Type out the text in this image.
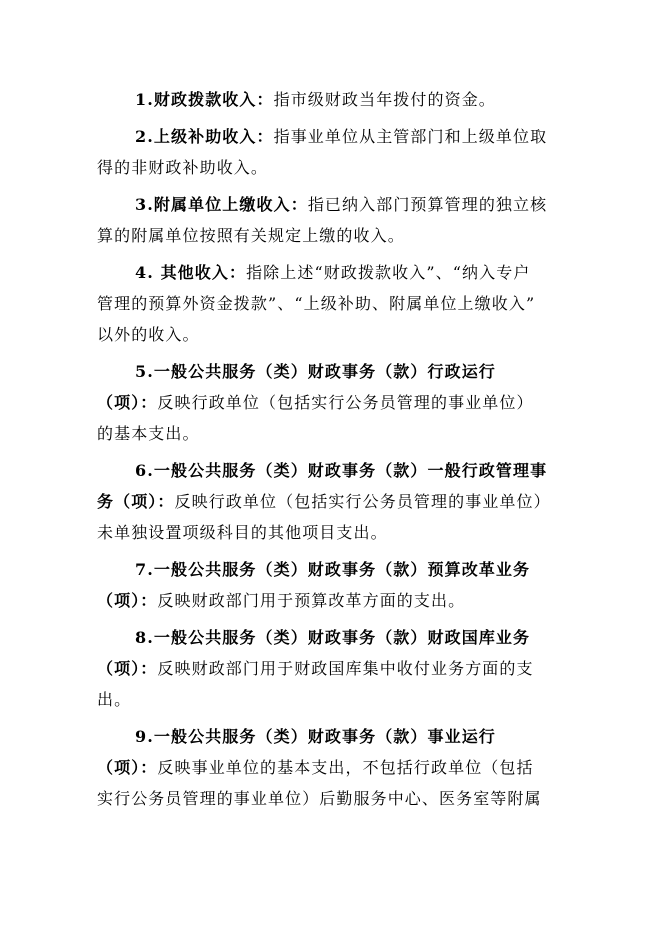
1.财政拨款收入：指市级财政当年拨付的资金。
2.上级补助收入：指事业单位从主管部门和上级单位取
得的非财政补助收入。
3.附属单位上缴收入：指已纳入部门预算管理的独立核
算的附属单位按照有关规定上缴的收入。
4. 其他收入：指除上述“财政拨款收入”、“纳入专户
管理的预算外资金拨款”、“上级补助、附属单位上缴收入”
以外的收入。
5.一般公共服务（类）财政事务（款）行政运行
（项）：反映行政单位（包括实行公务员管理的事业单位）
的基本支出。
6.一般公共服务（类）财政事务（款）一般行政管理事
务（项）：反映行政单位（包括实行公务员管理的事业单位）
未单独设置项级科目的其他项目支出。
7.一般公共服务（类）财政事务（款）预算改革业务
（项）：反映财政部门用于预算改革方面的支出。
8.一般公共服务（类）财政事务（款）财政国库业务
（项）：反映财政部门用于财政国库集中收付业务方面的支
出。
9.一般公共服务（类）财政事务（款）事业运行
（项）：反映事业单位的基本支出，不包括行政单位（包括
实行公务员管理的事业单位）后勤服务中心、医务室等附属
